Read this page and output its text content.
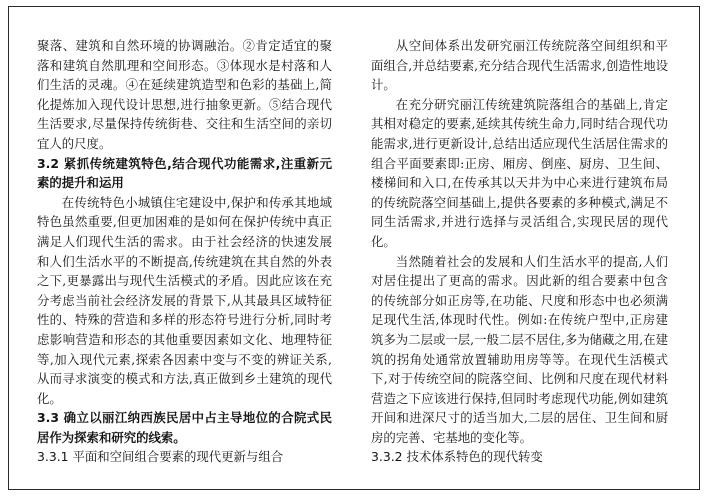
聚落、建筑和自然环境的协调融治。②肯定适宜的聚落和建筑自然肌理和空间形态。③体现水是村落和人们生活的灵魂。④在延续建筑造型和色彩的基础上,简化提炼加入现代设计思想,进行抽象更新。⑤结合现代生活要求,尽量保持传统街巷、交往和生活空间的亲切宜人的尺度。

3.2 紧抓传统建筑特色,结合现代功能需求,注重新元素的提升和运用

在传统特色小城镇住宅建设中,保护和传承其地域特色虽然重要,但更加困难的是如何在保护传统中真正满足人们现代生活的需求。由于社会经济的快速发展和人们生活水平的不断提高,传统建筑在其自然的外表之下,更暴露出与现代生活模式的矛盾。因此应该在充分考虑当前社会经济发展的背景下,从其最具区域特征性的、特殊的营造和多样的形态符号进行分析,同时考虑影响营造和形态的其他重要因素如文化、地理特征等,加入现代元素,探索各因素中变与不变的辨证关系,从而寻求演变的模式和方法,真正做到乡土建筑的现代化。

3.3 确立以丽江纳西族民居中占主导地位的合院式民居作为探索和研究的线索。

3.3.1 平面和空间组合要素的现代更新与组合

从空间体系出发研究丽江传统院落空间组织和平面组合,并总结要素,充分结合现代生活需求,创造性地设计。

在充分研究丽江传统建筑院落组合的基础上,肯定其相对稳定的要素,延续其传统生命力,同时结合现代功能需求,进行更新设计,总结出适应现代生活居住需求的组合平面要素即:正房、厢房、倒座、厨房、卫生间、楼梯间和入口,在传承其以天井为中心来进行建筑布局的传统院落空间基础上,提供各要素的多种模式,满足不同生活需求,并进行选择与灵活组合,实现民居的现代化。

当然随着社会的发展和人们生活水平的提高,人们对居住提出了更高的需求。因此新的组合要素中包含的传统部分如正房等,在功能、尺度和形态中也必须满足现代生活,体现时代性。例如:在传统户型中,正房建筑多为二层或一层,一般二层不居住,多为储藏之用,在建筑的拐角处通常放置辅助用房等等。在现代生活模式下,对于传统空间的院落空间、比例和尺度在现代材料营造之下应该进行保持,但同时考虑现代功能,例如建筑开间和进深尺寸的适当加大,二层的居住、卫生间和厨房的完善、宅基地的变化等。

3.3.2 技术体系特色的现代转变
